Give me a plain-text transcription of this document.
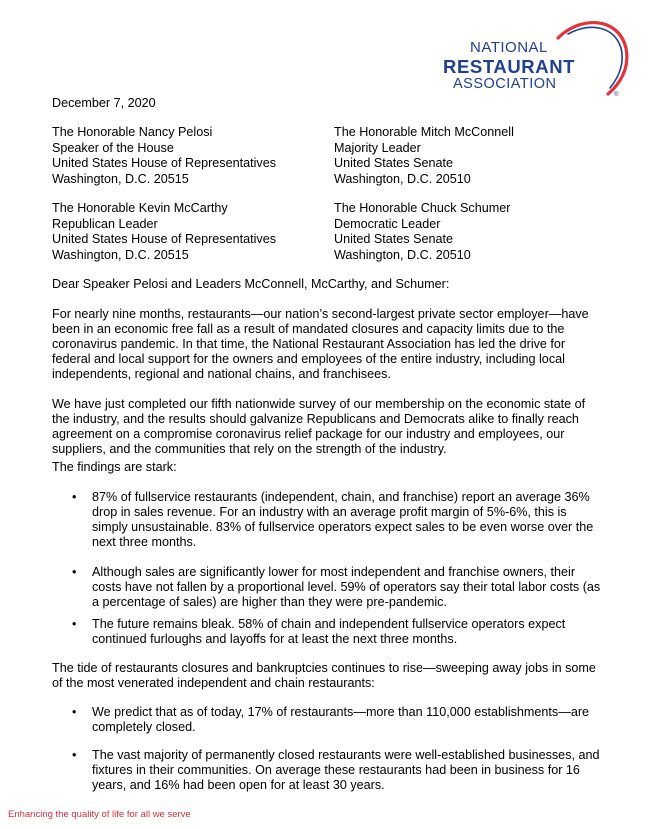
NATIONAL
RESTAURANT
ASSOCIATION
®
December 7, 2020
The Honorable Nancy Pelosi
Speaker of the House
United States House of Representatives
Washington, D.C. 20515
The Honorable Mitch McConnell
Majority Leader
United States Senate
Washington, D.C. 20510
The Honorable Kevin McCarthy
Republican Leader
United States House of Representatives
Washington, D.C. 20515
The Honorable Chuck Schumer
Democratic Leader
United States Senate
Washington, D.C. 20510
Dear Speaker Pelosi and Leaders McConnell, McCarthy, and Schumer:
For nearly nine months, restaurants—our nation’s second-largest private sector employer—have
been in an economic free fall as a result of mandated closures and capacity limits due to the
coronavirus pandemic. In that time, the National Restaurant Association has led the drive for
federal and local support for the owners and employees of the entire industry, including local
independents, regional and national chains, and franchisees.
We have just completed our fifth nationwide survey of our membership on the economic state of
the industry, and the results should galvanize Republicans and Democrats alike to finally reach
agreement on a compromise coronavirus relief package for our industry and employees, our
suppliers, and the communities that rely on the strength of the industry.
The findings are stark:
• 87% of fullservice restaurants (independent, chain, and franchise) report an average 36%
drop in sales revenue. For an industry with an average profit margin of 5%-6%, this is
simply unsustainable. 83% of fullservice operators expect sales to be even worse over the
next three months.
• Although sales are significantly lower for most independent and franchise owners, their
costs have not fallen by a proportional level. 59% of operators say their total labor costs (as
a percentage of sales) are higher than they were pre-pandemic.
• The future remains bleak. 58% of chain and independent fullservice operators expect
continued furloughs and layoffs for at least the next three months.
The tide of restaurants closures and bankruptcies continues to rise—sweeping away jobs in some
of the most venerated independent and chain restaurants:
• We predict that as of today, 17% of restaurants—more than 110,000 establishments—are
completely closed.
• The vast majority of permanently closed restaurants were well-established businesses, and
fixtures in their communities. On average these restaurants had been in business for 16
years, and 16% had been open for at least 30 years.
Enhancing the quality of life for all we serve
